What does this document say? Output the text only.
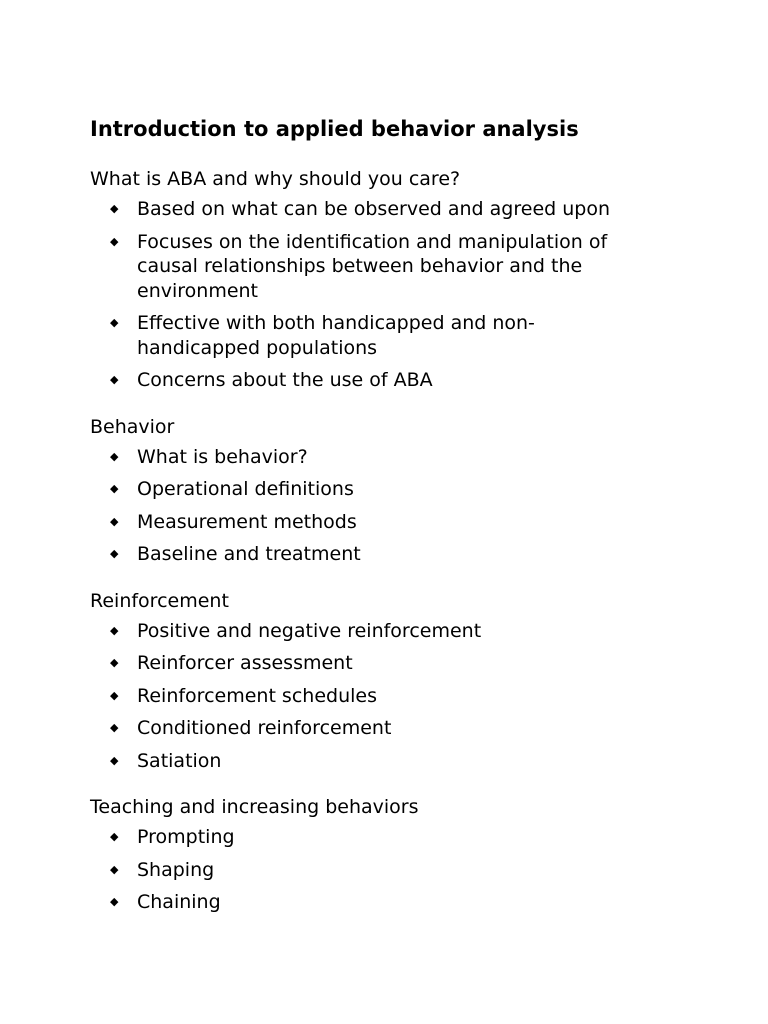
Introduction to applied behavior analysis
What is ABA and why should you care?
◆ Based on what can be observed and agreed upon
◆ Focuses on the identification and manipulation of causal relationships between behavior and the environment
◆ Effective with both handicapped and non-handicapped populations
◆ Concerns about the use of ABA
Behavior
◆ What is behavior?
◆ Operational definitions
◆ Measurement methods
◆ Baseline and treatment
Reinforcement
◆ Positive and negative reinforcement
◆ Reinforcer assessment
◆ Reinforcement schedules
◆ Conditioned reinforcement
◆ Satiation
Teaching and increasing behaviors
◆ Prompting
◆ Shaping
◆ Chaining
